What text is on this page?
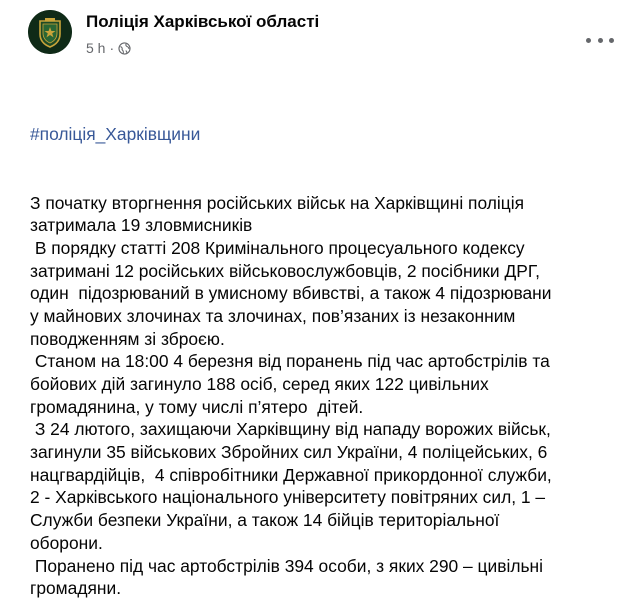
Поліція Харківської області
5 h ·

#поліція_Харківщини

З початку вторгнення російських військ на Харківщині поліція
затримала 19 зловмисників
В порядку статті 208 Кримінального процесуального кодексу
затримані 12 російських військовослужбовців, 2 посібники ДРГ,
один  підозрюваний в умисному вбивстві, а також 4 підозрювани
у майнових злочинах та злочинах, пов’язаних із незаконним
поводженням зі зброєю.
Станом на 18:00 4 березня від поранень під час артобстрілів та
бойових дій загинуло 188 осіб, серед яких 122 цивільних
громадянина, у тому числі п’ятеро  дітей.
З 24 лютого, захищаючи Харківщину від нападу ворожих військ,
загинули 35 військових Збройних сил України, 4 поліцейських, 6
нацгвардійців,  4 співробітники Державної прикордонної служби,
2 - Харківського національного університету повітряних сил, 1 –
Служби безпеки України, а також 14 бійців територіальної
оборони.
Поранено під час артобстрілів 394 особи, з яких 290 – цивільні
громадяни.
